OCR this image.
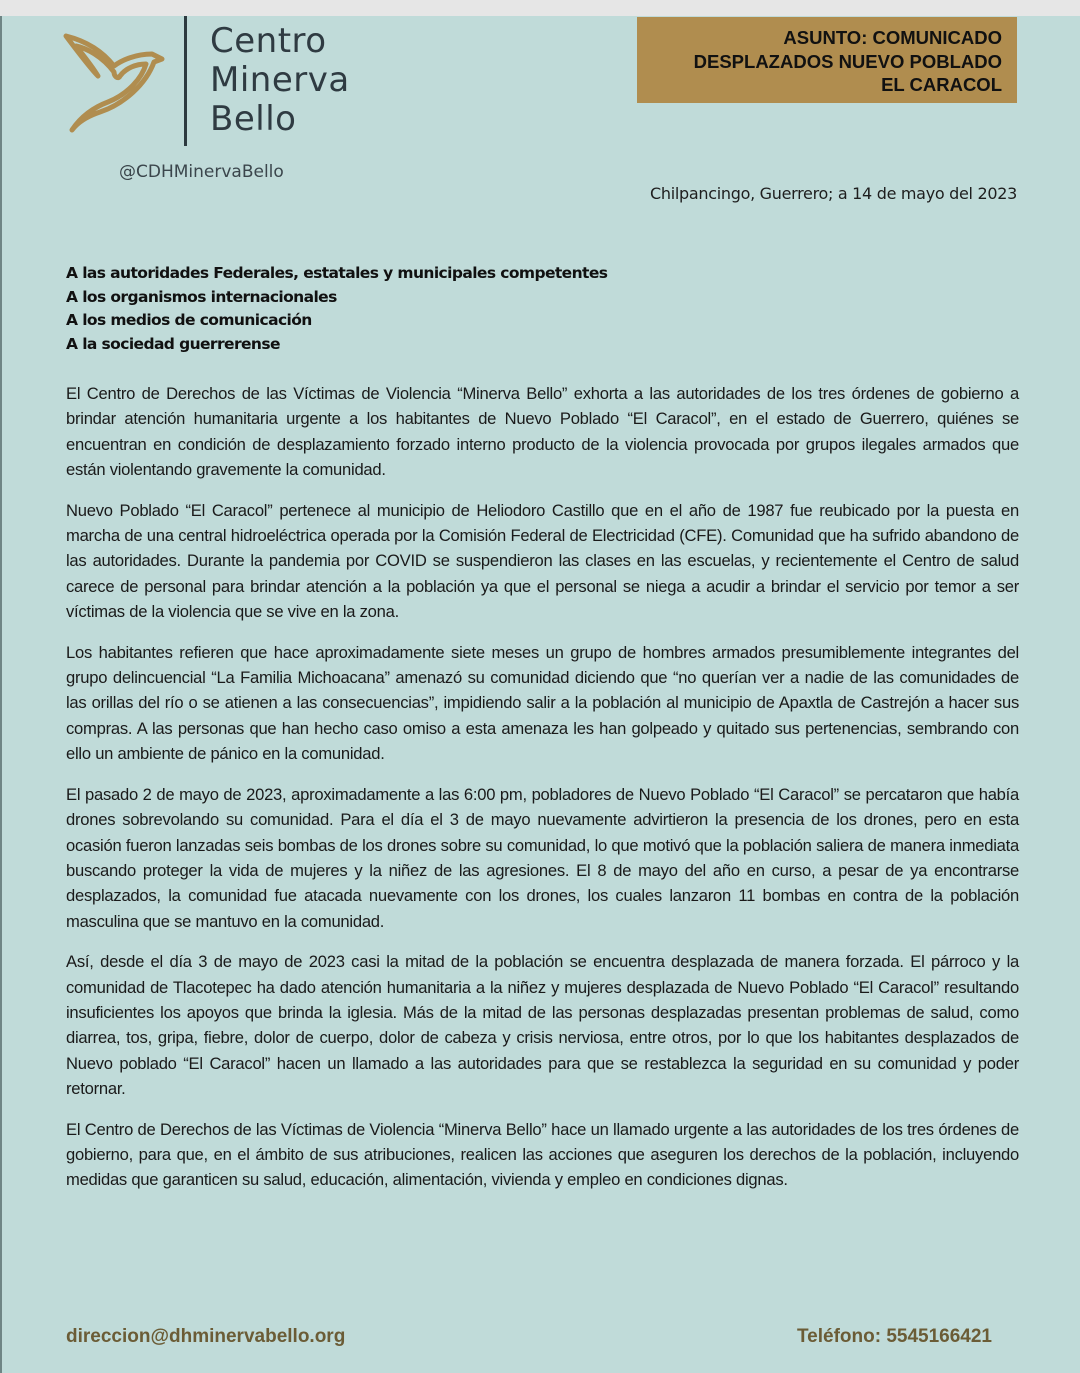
Centro
Minerva
Bello
@CDHMinervaBello
ASUNTO: COMUNICADO
DESPLAZADOS NUEVO POBLADO
EL CARACOL
Chilpancingo, Guerrero; a 14 de mayo del 2023
A las autoridades Federales, estatales y municipales competentes
A los organismos internacionales
A los medios de comunicación
A la sociedad guerrerense

El Centro de Derechos de las Víctimas de Violencia “Minerva Bello” exhorta a las autoridades de los tres órdenes de gobierno a brindar atención humanitaria urgente a los habitantes de Nuevo Poblado “El Caracol”, en el estado de Guerrero, quiénes se encuentran en condición de desplazamiento forzado interno producto de la violencia provocada por grupos ilegales armados que están violentando gravemente la comunidad.

Nuevo Poblado “El Caracol” pertenece al municipio de Heliodoro Castillo que en el año de 1987 fue reubicado por la puesta en marcha de una central hidroeléctrica operada por la Comisión Federal de Electricidad (CFE). Comunidad que ha sufrido abandono de las autoridades. Durante la pandemia por COVID se suspendieron las clases en las escuelas, y recientemente el Centro de salud carece de personal para brindar atención a la población ya que el personal se niega a acudir a brindar el servicio por temor a ser víctimas de la violencia que se vive en la zona.

Los habitantes refieren que hace aproximadamente siete meses un grupo de hombres armados presumiblemente integrantes del grupo delincuencial “La Familia Michoacana” amenazó su comunidad diciendo que “no querían ver a nadie de las comunidades de las orillas del río o se atienen a las consecuencias”, impidiendo salir a la población al municipio de Apaxtla de Castrejón a hacer sus compras. A las personas que han hecho caso omiso a esta amenaza les han golpeado y quitado sus pertenencias, sembrando con ello un ambiente de pánico en la comunidad.

El pasado 2 de mayo de 2023, aproximadamente a las 6:00 pm, pobladores de Nuevo Poblado “El Caracol” se percataron que había drones sobrevolando su comunidad. Para el día el 3 de mayo nuevamente advirtieron la presencia de los drones, pero en esta ocasión fueron lanzadas seis bombas de los drones sobre su comunidad, lo que motivó que la población saliera de manera inmediata buscando proteger la vida de mujeres y la niñez de las agresiones. El 8 de mayo del año en curso, a pesar de ya encontrarse desplazados, la comunidad fue atacada nuevamente con los drones, los cuales lanzaron 11 bombas en contra de la población masculina que se mantuvo en la comunidad.

Así, desde el día 3 de mayo de 2023 casi la mitad de la población se encuentra desplazada de manera forzada. El párroco y la comunidad de Tlacotepec ha dado atención humanitaria a la niñez y mujeres desplazada de Nuevo Poblado “El Caracol” resultando insuficientes los apoyos que brinda la iglesia. Más de la mitad de las personas desplazadas presentan problemas de salud, como diarrea, tos, gripa, fiebre, dolor de cuerpo, dolor de cabeza y crisis nerviosa, entre otros, por lo que los habitantes desplazados de Nuevo poblado “El Caracol” hacen un llamado a las autoridades para que se restablezca la seguridad en su comunidad y poder retornar.

El Centro de Derechos de las Víctimas de Violencia “Minerva Bello” hace un llamado urgente a las autoridades de los tres órdenes de gobierno, para que, en el ámbito de sus atribuciones, realicen las acciones que aseguren los derechos de la población, incluyendo medidas que garanticen su salud, educación, alimentación, vivienda y empleo en condiciones dignas.

direccion@dhminervabello.org	Teléfono: 5545166421
